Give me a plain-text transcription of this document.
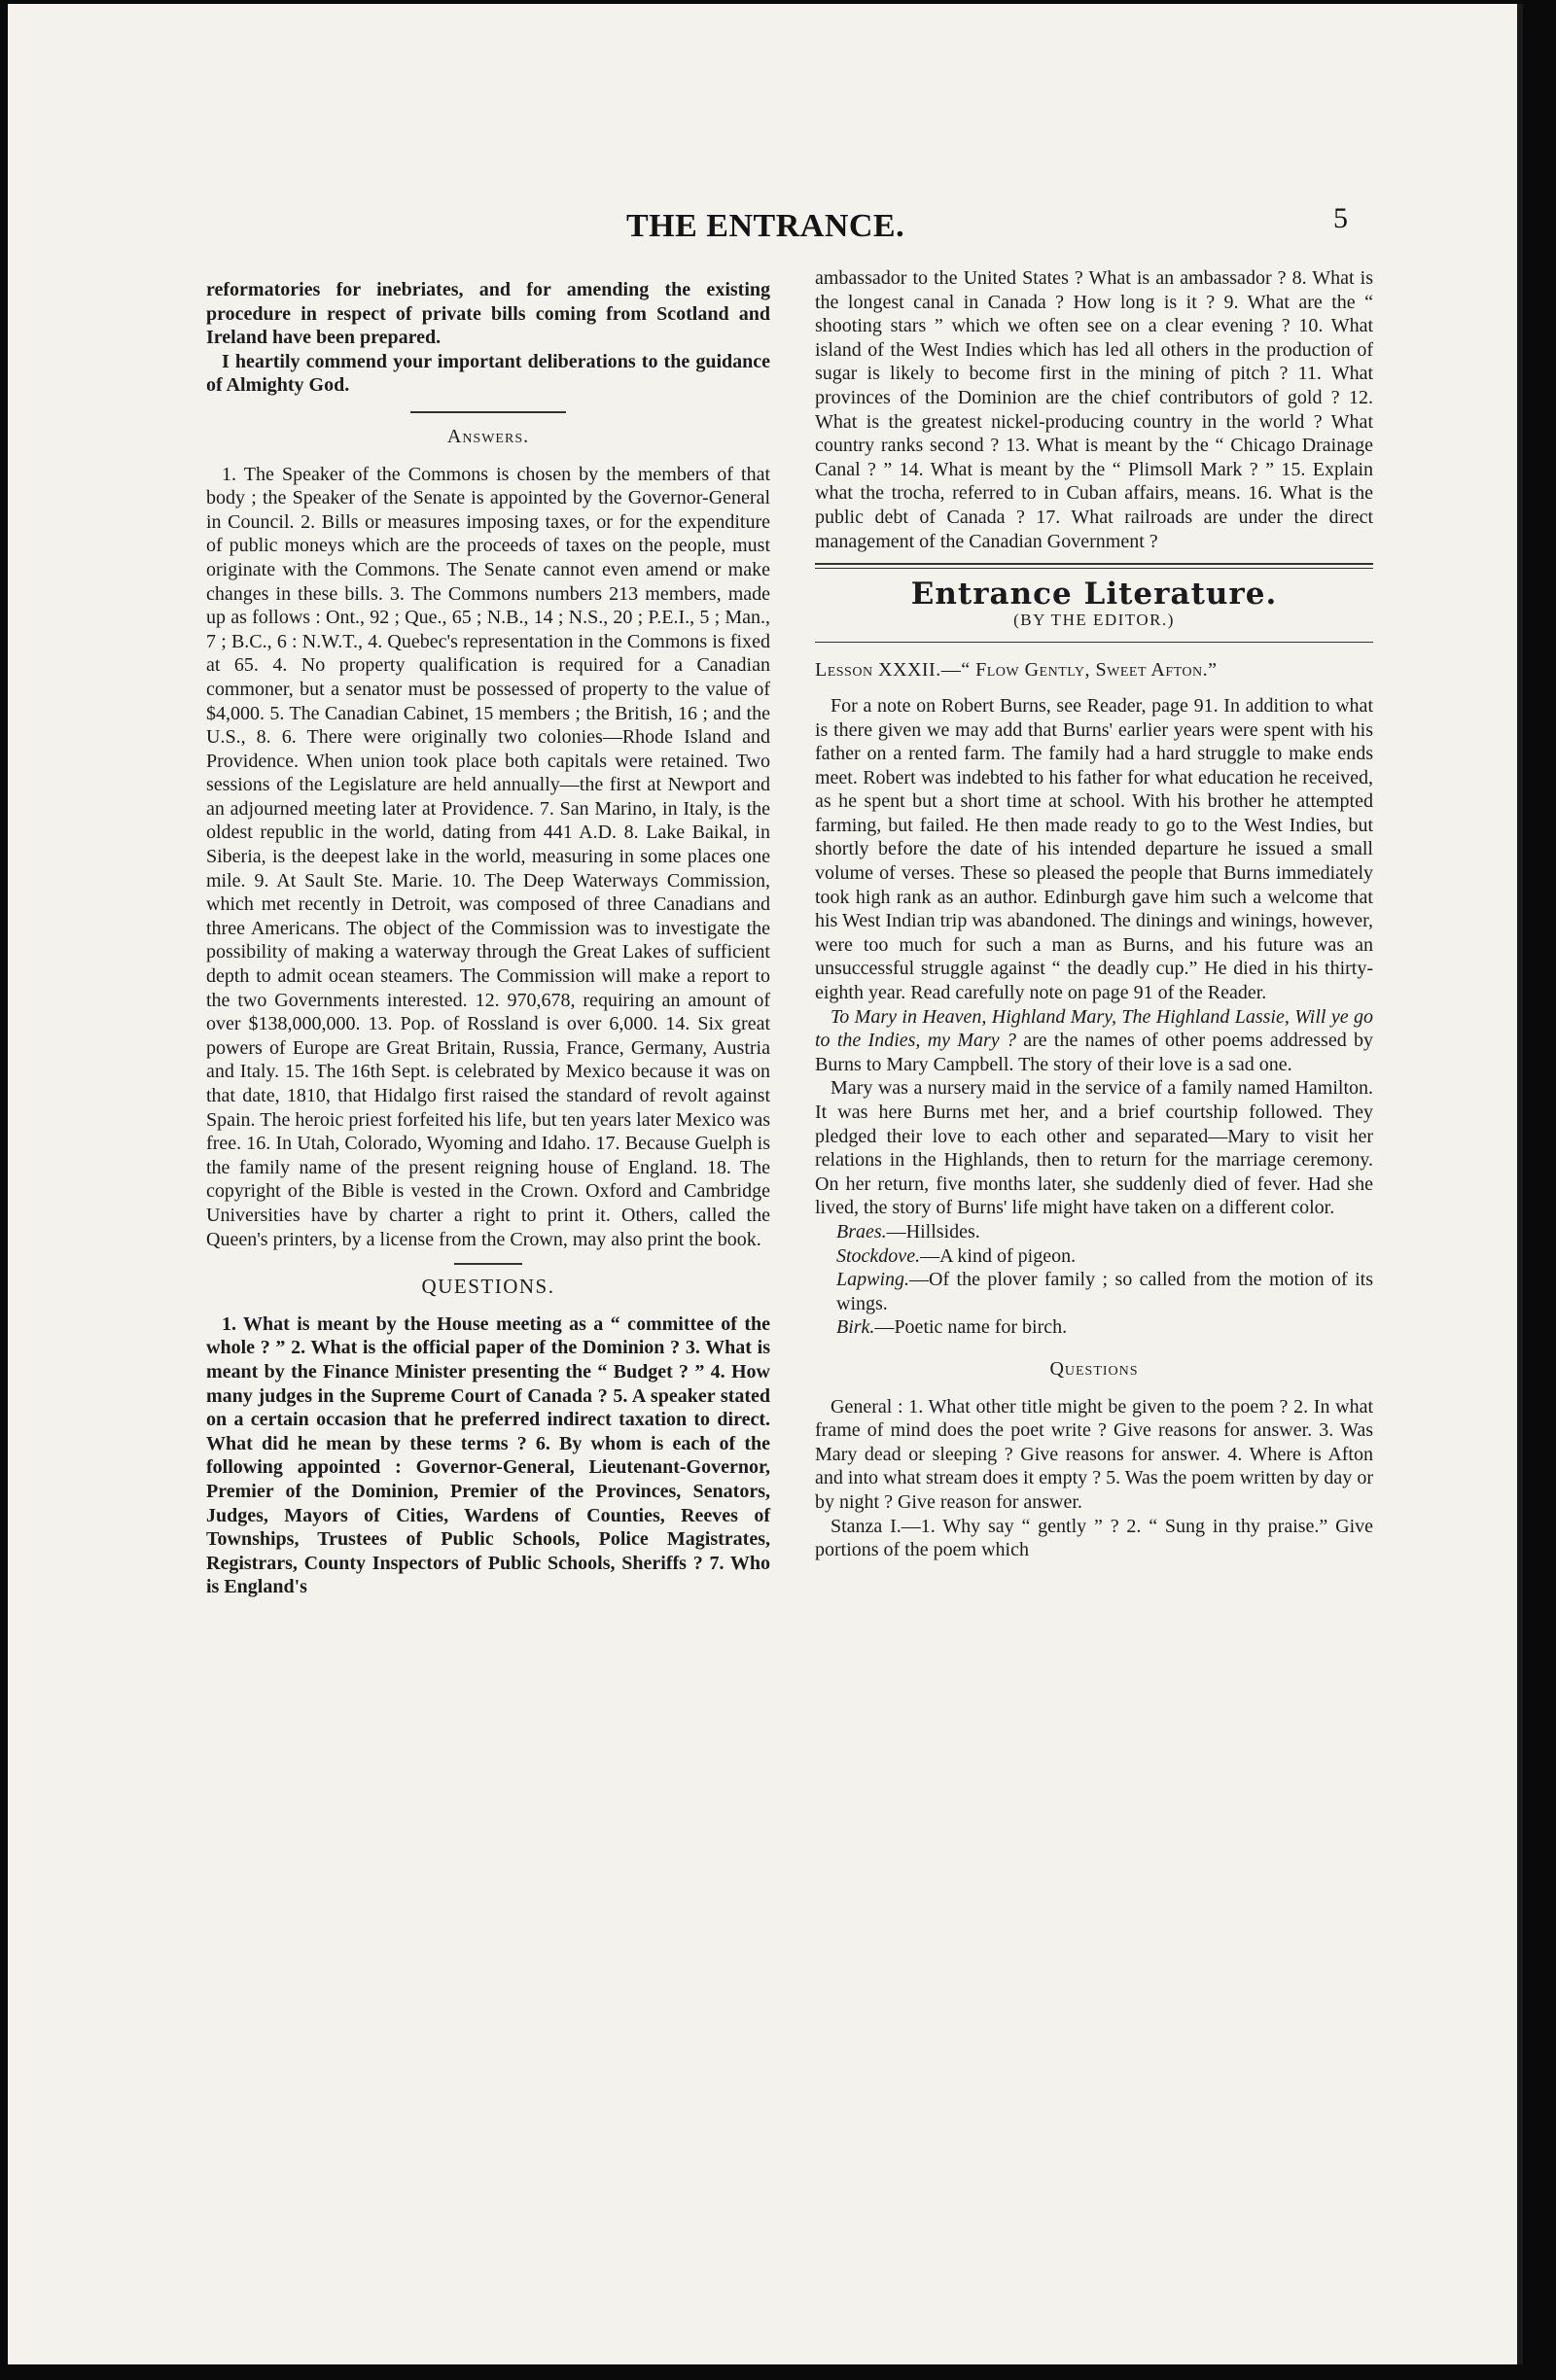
THE ENTRANCE.	5

reformatories for inebriates, and for amending the existing procedure in respect of private bills coming from Scotland and Ireland have been prepared.

I heartily commend your important deliberations to the guidance of Almighty God.

Answers.

1. The Speaker of the Commons is chosen by the members of that body ; the Speaker of the Senate is appointed by the Governor-General in Council. 2. Bills or measures imposing taxes, or for the expenditure of public moneys which are the proceeds of taxes on the people, must originate with the Commons. The Senate cannot even amend or make changes in these bills. 3. The Commons numbers 213 members, made up as follows : Ont., 92 ; Que., 65 ; N.B., 14 ; N.S., 20 ; P.E.I., 5 ; Man., 7 ; B.C., 6 : N.W.T., 4. Quebec's representation in the Commons is fixed at 65. 4. No property qualification is required for a Canadian commoner, but a senator must be possessed of property to the value of $4,000. 5. The Canadian Cabinet, 15 members ; the British, 16 ; and the U.S., 8. 6. There were originally two colonies—Rhode Island and Providence. When union took place both capitals were retained. Two sessions of the Legislature are held annually—the first at Newport and an adjourned meeting later at Providence. 7. San Marino, in Italy, is the oldest republic in the world, dating from 441 A.D. 8. Lake Baikal, in Siberia, is the deepest lake in the world, measuring in some places one mile. 9. At Sault Ste. Marie. 10. The Deep Waterways Commission, which met recently in Detroit, was composed of three Canadians and three Americans. The object of the Commission was to investigate the possibility of making a waterway through the Great Lakes of sufficient depth to admit ocean steamers. The Commission will make a report to the two Governments interested. 12. 970,678, requiring an amount of over $138,000,000. 13. Pop. of Rossland is over 6,000. 14. Six great powers of Europe are Great Britain, Russia, France, Germany, Austria and Italy. 15. The 16th Sept. is celebrated by Mexico because it was on that date, 1810, that Hidalgo first raised the standard of revolt against Spain. The heroic priest forfeited his life, but ten years later Mexico was free. 16. In Utah, Colorado, Wyoming and Idaho. 17. Because Guelph is the family name of the present reigning house of England. 18. The copyright of the Bible is vested in the Crown. Oxford and Cambridge Universities have by charter a right to print it. Others, called the Queen's printers, by a license from the Crown, may also print the book.

QUESTIONS.

1. What is meant by the House meeting as a “ committee of the whole ? ” 2. What is the official paper of the Dominion ? 3. What is meant by the Finance Minister presenting the “ Budget ? ” 4. How many judges in the Supreme Court of Canada ? 5. A speaker stated on a certain occasion that he preferred indirect taxation to direct. What did he mean by these terms ? 6. By whom is each of the following appointed : Governor-General, Lieutenant-Governor, Premier of the Dominion, Premier of the Provinces, Senators, Judges, Mayors of Cities, Wardens of Counties, Reeves of Townships, Trustees of Public Schools, Police Magistrates, Registrars, County Inspectors of Public Schools, Sheriffs ? 7. Who is England's

ambassador to the United States ? What is an ambassador ? 8. What is the longest canal in Canada ? How long is it ? 9. What are the “ shooting stars ” which we often see on a clear evening ? 10. What island of the West Indies which has led all others in the production of sugar is likely to become first in the mining of pitch ? 11. What provinces of the Dominion are the chief contributors of gold ? 12. What is the greatest nickel-producing country in the world ? What country ranks second ? 13. What is meant by the “ Chicago Drainage Canal ? ” 14. What is meant by the “ Plimsoll Mark ? ” 15. Explain what the trocha, referred to in Cuban affairs, means. 16. What is the public debt of Canada ? 17. What railroads are under the direct management of the Canadian Government ?

Entrance Literature.
(BY THE EDITOR.)

Lesson XXXII.—“ Flow Gently, Sweet Afton.”

For a note on Robert Burns, see Reader, page 91. In addition to what is there given we may add that Burns' earlier years were spent with his father on a rented farm. The family had a hard struggle to make ends meet. Robert was indebted to his father for what education he received, as he spent but a short time at school. With his brother he attempted farming, but failed. He then made ready to go to the West Indies, but shortly before the date of his intended departure he issued a small volume of verses. These so pleased the people that Burns immediately took high rank as an author. Edinburgh gave him such a welcome that his West Indian trip was abandoned. The dinings and winings, however, were too much for such a man as Burns, and his future was an unsuccessful struggle against “ the deadly cup.” He died in his thirty-eighth year. Read carefully note on page 91 of the Reader.

To Mary in Heaven, Highland Mary, The Highland Lassie, Will ye go to the Indies, my Mary ? are the names of other poems addressed by Burns to Mary Campbell. The story of their love is a sad one.

Mary was a nursery maid in the service of a family named Hamilton. It was here Burns met her, and a brief courtship followed. They pledged their love to each other and separated—Mary to visit her relations in the Highlands, then to return for the marriage ceremony. On her return, five months later, she suddenly died of fever. Had she lived, the story of Burns' life might have taken on a different color.

Braes.—Hillsides.

Stockdove.—A kind of pigeon.

Lapwing.—Of the plover family ; so called from the motion of its wings.

Birk.—Poetic name for birch.

Questions

General : 1. What other title might be given to the poem ? 2. In what frame of mind does the poet write ? Give reasons for answer. 3. Was Mary dead or sleeping ? Give reasons for answer. 4. Where is Afton and into what stream does it empty ? 5. Was the poem written by day or by night ? Give reason for answer.

Stanza I.—1. Why say “ gently ” ? 2. “ Sung in thy praise.” Give portions of the poem which
